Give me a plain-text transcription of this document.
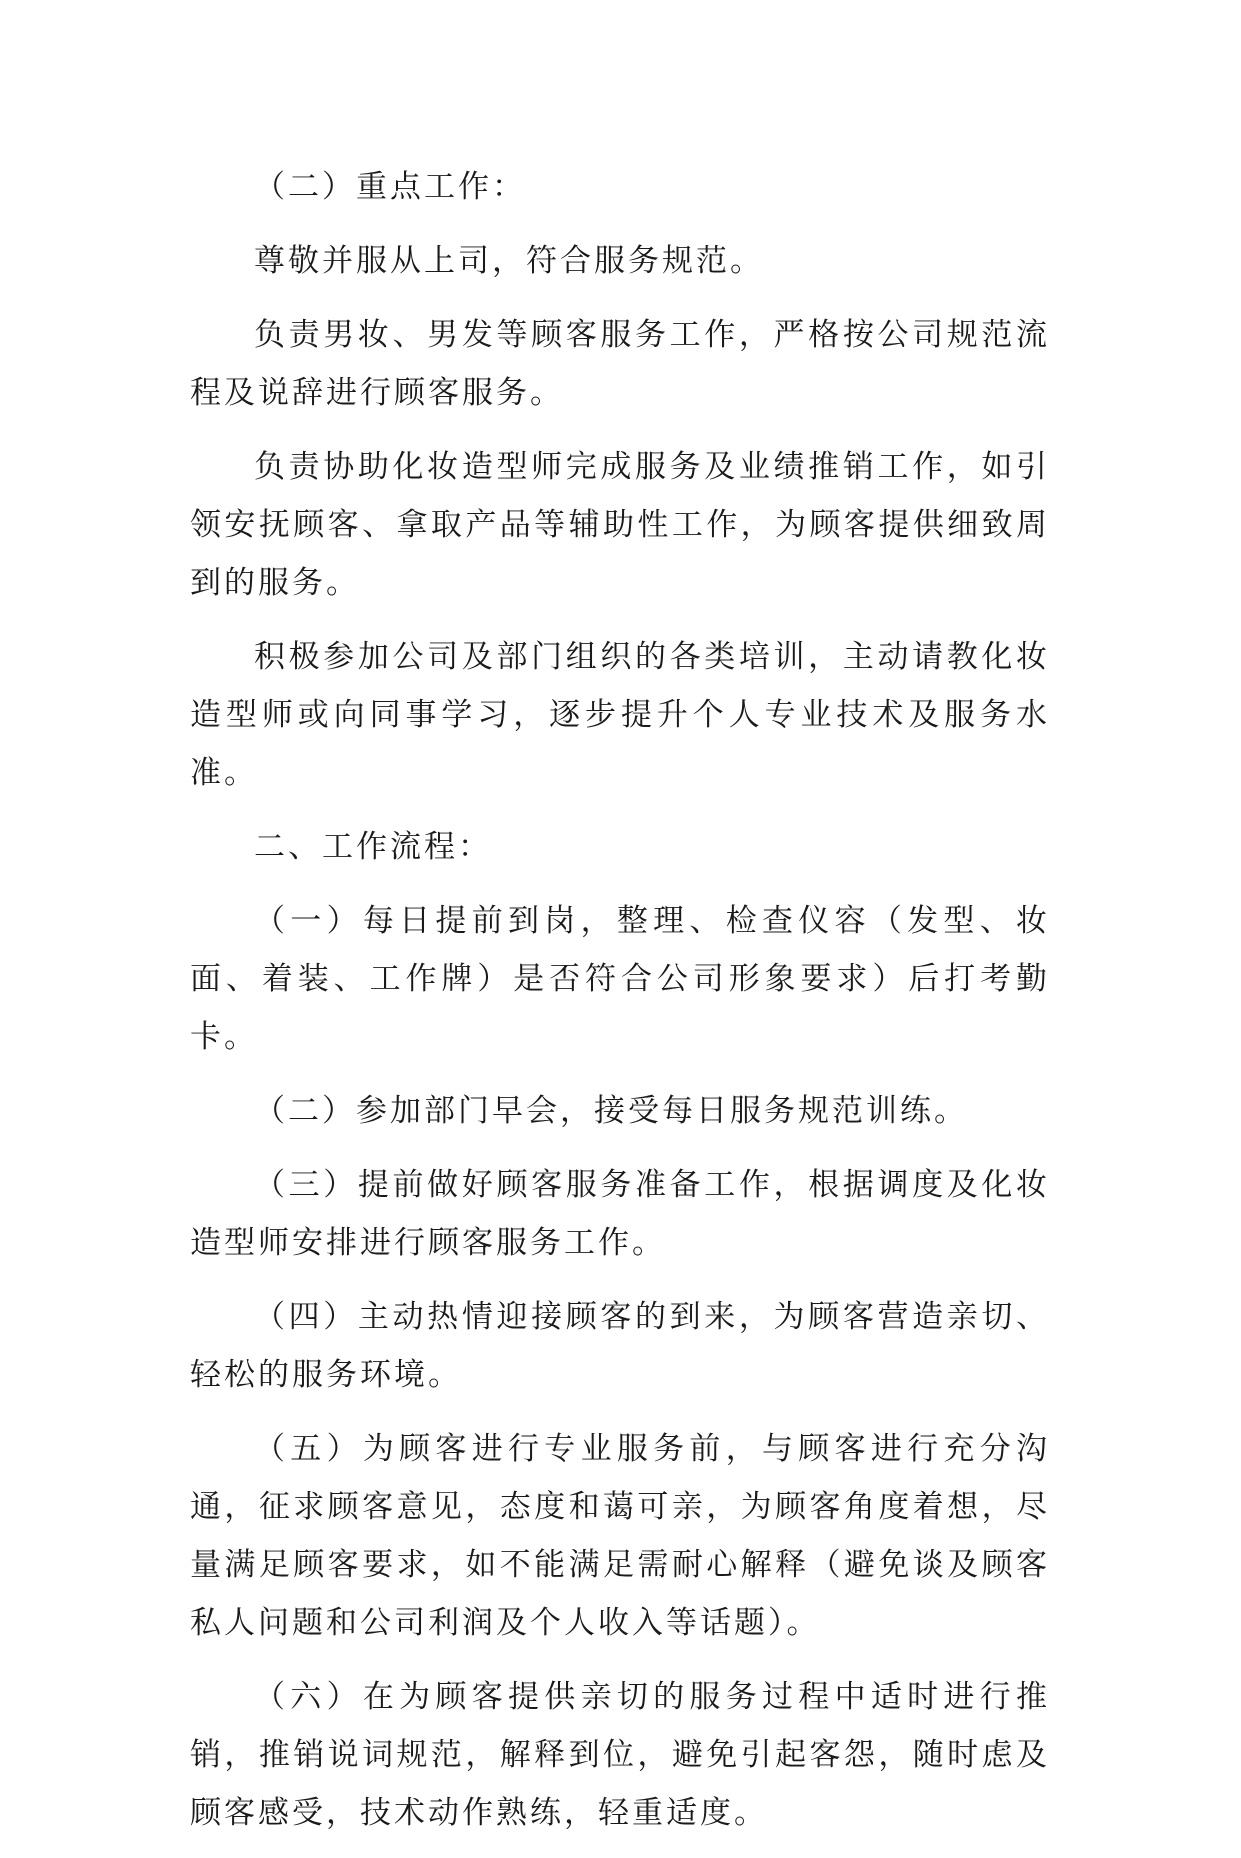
（二）重点工作：

尊敬并服从上司，符合服务规范。

负责男妆、男发等顾客服务工作，严格按公司规范流程及说辞进行顾客服务。

负责协助化妆造型师完成服务及业绩推销工作，如引领安抚顾客、拿取产品等辅助性工作，为顾客提供细致周到的服务。

积极参加公司及部门组织的各类培训，主动请教化妆造型师或向同事学习，逐步提升个人专业技术及服务水准。

二、工作流程：

（一）每日提前到岗，整理、检查仪容（发型、妆面、着装、工作牌）是否符合公司形象要求）后打考勤卡。

（二）参加部门早会，接受每日服务规范训练。

（三）提前做好顾客服务准备工作，根据调度及化妆造型师安排进行顾客服务工作。

（四）主动热情迎接顾客的到来，为顾客营造亲切、轻松的服务环境。

（五）为顾客进行专业服务前，与顾客进行充分沟通，征求顾客意见，态度和蔼可亲，为顾客角度着想，尽量满足顾客要求，如不能满足需耐心解释（避免谈及顾客私人问题和公司利润及个人收入等话题）。

（六）在为顾客提供亲切的服务过程中适时进行推销，推销说词规范，解释到位，避免引起客怨，随时虑及顾客感受，技术动作熟练，轻重适度。
